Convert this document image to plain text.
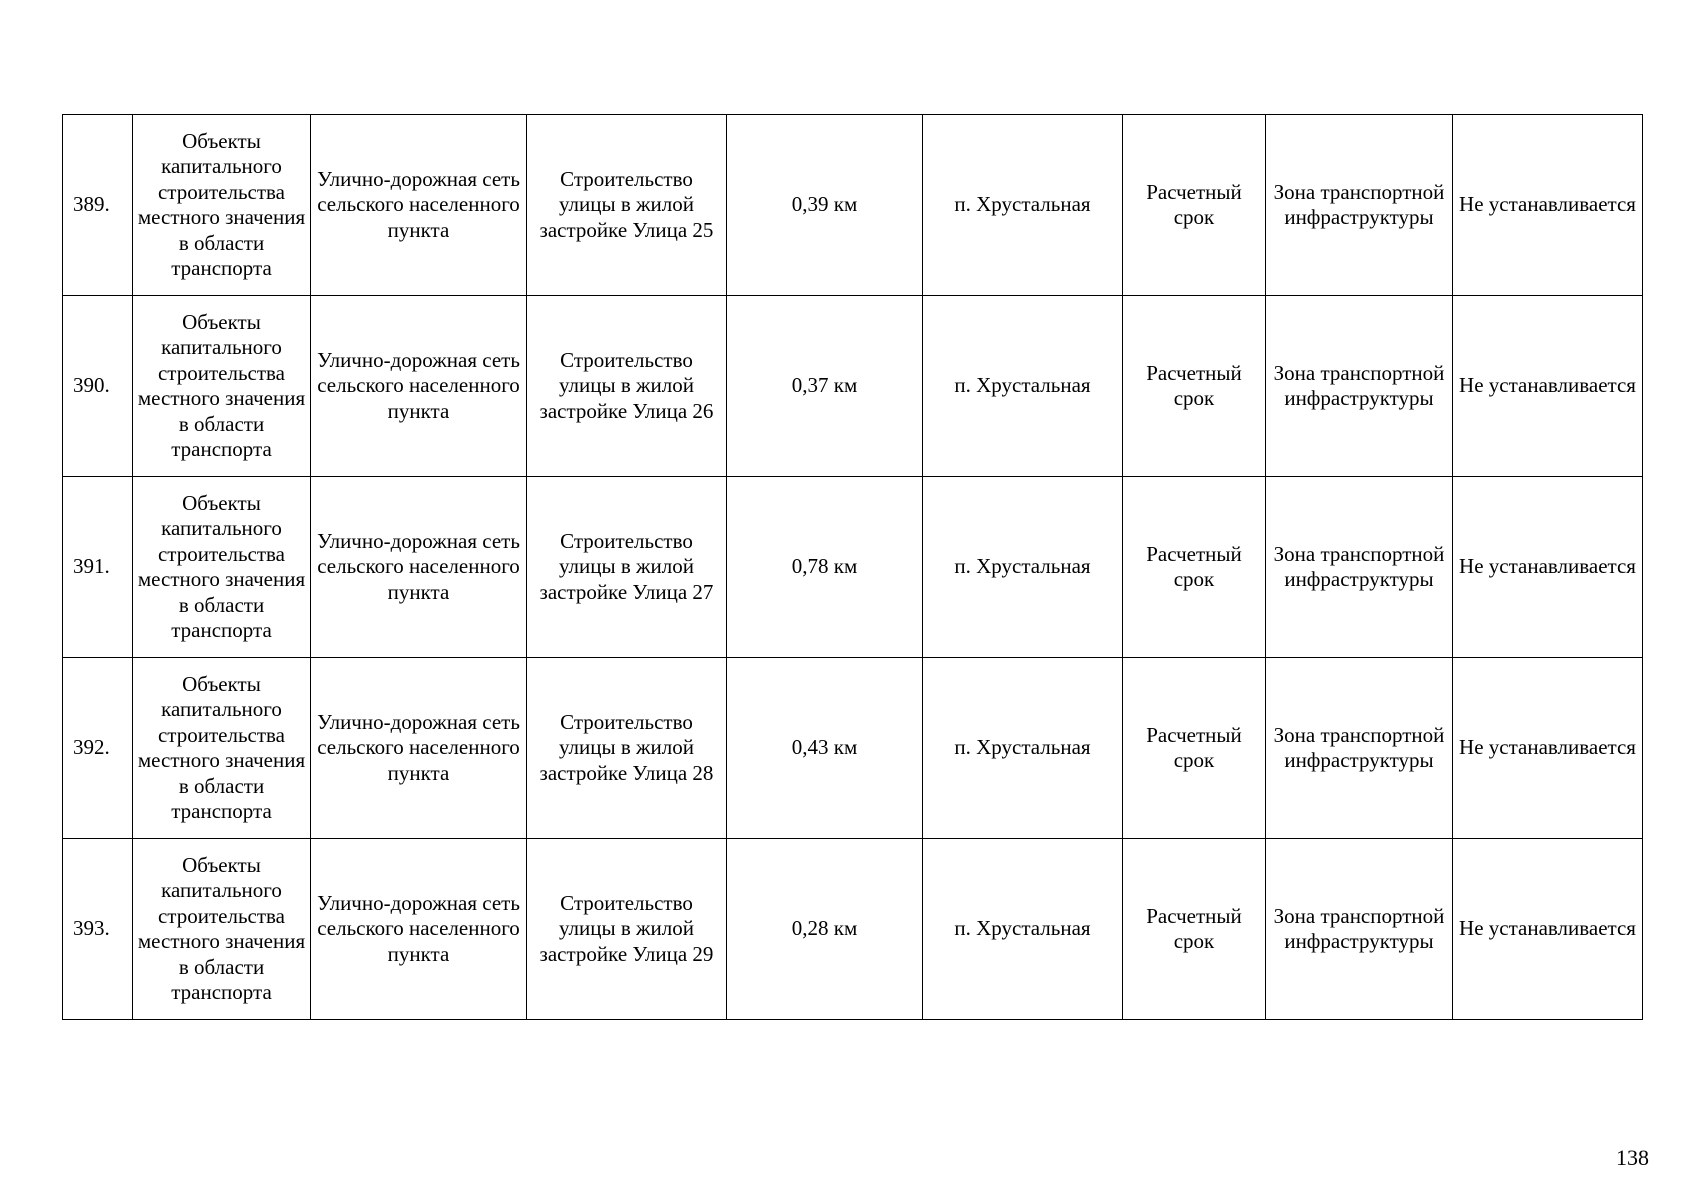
389.	Объекты капитального строительства местного значения в области транспорта	Улично-дорожная сеть сельского населенного пункта	Строительство улицы в жилой застройке Улица 25	0,39 км	п. Хрустальная	Расчетный срок	Зона транспортной инфраструктуры	Не устанавливается
390.	Объекты капитального строительства местного значения в области транспорта	Улично-дорожная сеть сельского населенного пункта	Строительство улицы в жилой застройке Улица 26	0,37 км	п. Хрустальная	Расчетный срок	Зона транспортной инфраструктуры	Не устанавливается
391.	Объекты капитального строительства местного значения в области транспорта	Улично-дорожная сеть сельского населенного пункта	Строительство улицы в жилой застройке Улица 27	0,78 км	п. Хрустальная	Расчетный срок	Зона транспортной инфраструктуры	Не устанавливается
392.	Объекты капитального строительства местного значения в области транспорта	Улично-дорожная сеть сельского населенного пункта	Строительство улицы в жилой застройке Улица 28	0,43 км	п. Хрустальная	Расчетный срок	Зона транспортной инфраструктуры	Не устанавливается
393.	Объекты капитального строительства местного значения в области транспорта	Улично-дорожная сеть сельского населенного пункта	Строительство улицы в жилой застройке Улица 29	0,28 км	п. Хрустальная	Расчетный срок	Зона транспортной инфраструктуры	Не устанавливается
138
